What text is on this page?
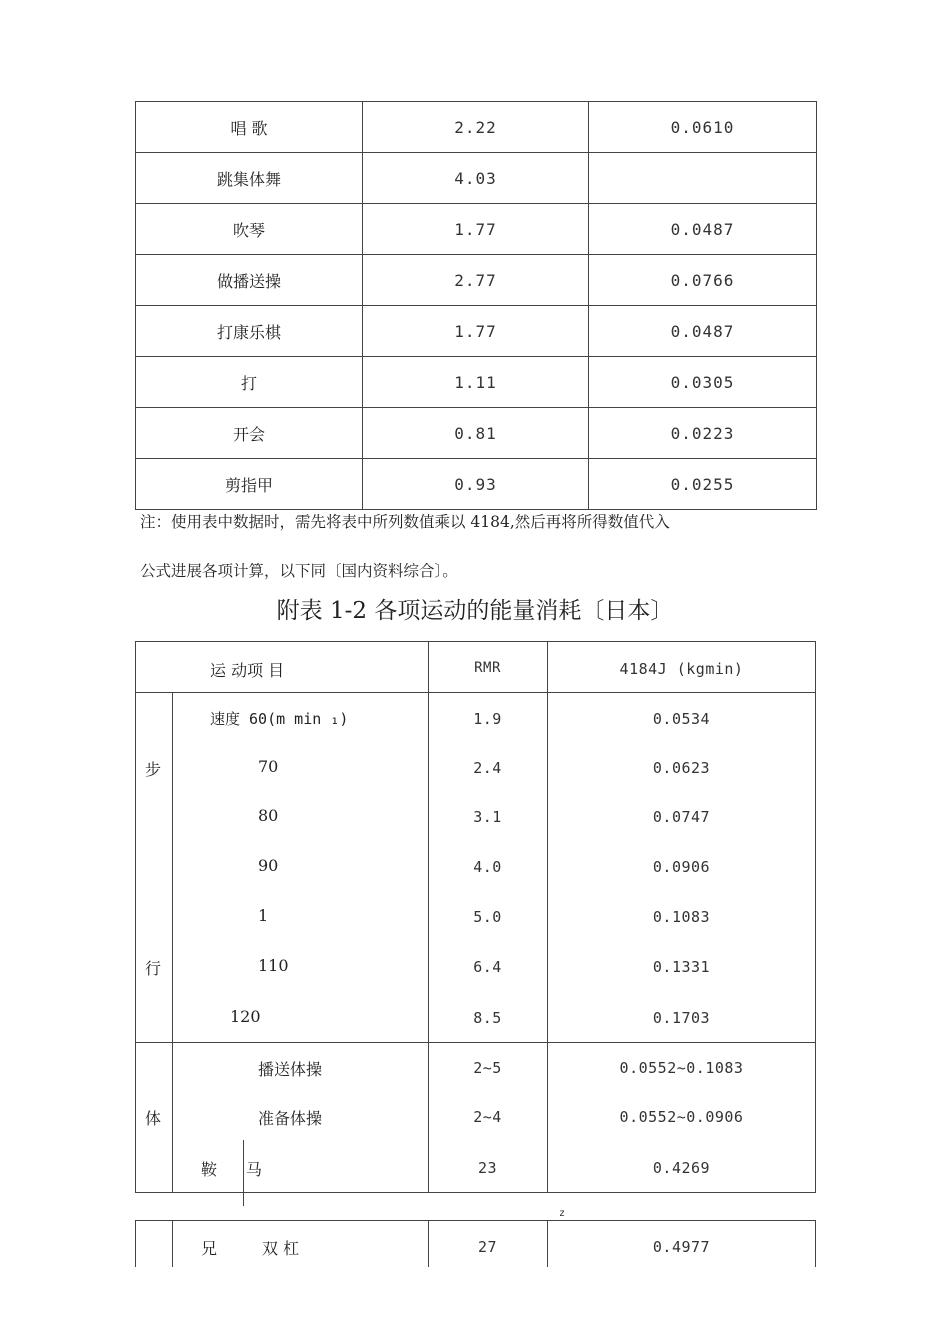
唱 歌	2.22	0.0610
跳集体舞	4.03	
吹琴	1.77	0.0487
做播送操	2.77	0.0766
打康乐棋	1.77	0.0487
打	1.11	0.0305
开会	0.81	0.0223
剪指甲	0.93	0.0255
注：使用表中数据时，需先将表中所列数值乘以 4184,然后再将所得数值代入
公式进展各项计算，以下同〔国内资料综合〕。
附表 1-2 各项运动的能量消耗〔日本〕
运 动项 目	RMR	4184J (kgmin)
步
行
速度 60(m min ₁)	1.9	0.0534
70	2.4	0.0623
80	3.1	0.0747
90	4.0	0.0906
1	5.0	0.1083
110	6.4	0.1331
120	8.5	0.1703
体
播送体操	2~5	0.0552~0.1083
准备体操	2~4	0.0552~0.0906
鞍 马	23	0.4269
z
兄	双 杠	27	0.4977
